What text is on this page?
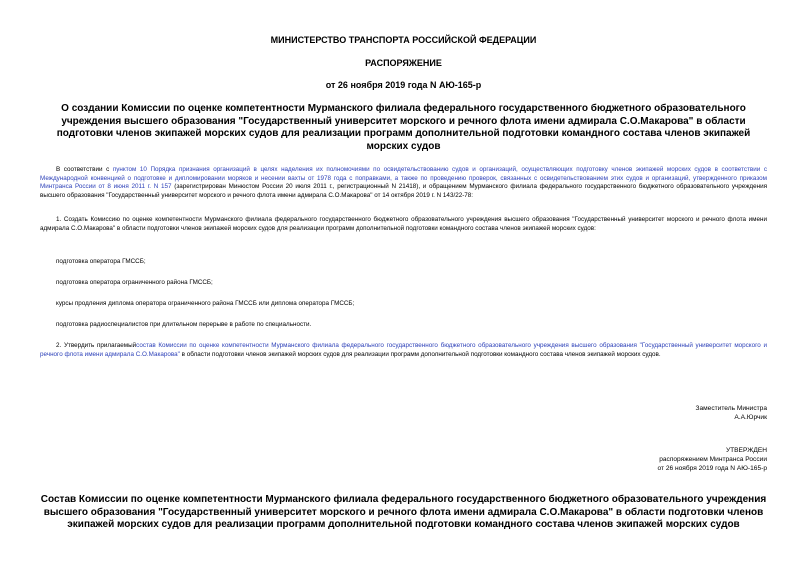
МИНИСТЕРСТВО ТРАНСПОРТА РОССИЙСКОЙ ФЕДЕРАЦИИ

РАСПОРЯЖЕНИЕ

от 26 ноября 2019 года N АЮ-165-р

О создании Комиссии по оценке компетентности Мурманского филиала федерального государственного бюджетного образовательного учреждения высшего образования "Государственный университет морского и речного флота имени адмирала С.О.Макарова" в области подготовки членов экипажей морских судов для реализации программ дополнительной подготовки командного состава членов экипажей морских судов

В соответствии с пунктом 10 Порядка признания организаций в целях наделения их полномочиями по освидетельствованию судов и организаций, осуществляющих подготовку членов экипажей морских судов в соответствии с Международной конвенцией о подготовке и дипломировании моряков и несении вахты от 1978 года с поправками, а также по проведению проверок, связанных с освидетельствованием этих судов и организаций, утвержденного приказом Минтранса России от 8 июня 2011 г. N 157 (зарегистрирован Минюстом России 20 июля 2011 г., регистрационный N 21418), и обращением Мурманского филиала федерального государственного бюджетного образовательного учреждения высшего образования "Государственный университет морского и речного флота имени адмирала С.О.Макарова" от 14 октября 2019 г. N 143/22-78:

1. Создать Комиссию по оценке компетентности Мурманского филиала федерального государственного бюджетного образовательного учреждения высшего образования "Государственный университет морского и речного флота имени адмирала С.О.Макарова" в области подготовки членов экипажей морских судов для реализации программ дополнительной подготовки командного состава членов экипажей морских судов:

подготовка оператора ГМССБ;

подготовка оператора ограниченного района ГМССБ;

курсы продления диплома оператора ограниченного района ГМССБ или диплома оператора ГМССБ;

подготовка радиоспециалистов при длительном перерыве в работе по специальности.

2. Утвердить прилагаемыйсостав Комиссии по оценке компетентности Мурманского филиала федерального государственного бюджетного образовательного учреждения высшего образования "Государственный университет морского и речного флота имени адмирала С.О.Макарова" в области подготовки членов экипажей морских судов для реализации программ дополнительной подготовки командного состава членов экипажей морских судов.

Заместитель Министра

А.А.Юрчик

УТВЕРЖДЕН

распоряжением Минтранса России

от 26 ноября 2019 года N АЮ-165-р

Состав Комиссии по оценке компетентности Мурманского филиала федерального государственного бюджетного образовательного учреждения высшего образования "Государственный университет морского и речного флота имени адмирала С.О.Макарова" в области подготовки членов экипажей морских судов для реализации программ дополнительной подготовки командного состава членов экипажей морских судов
